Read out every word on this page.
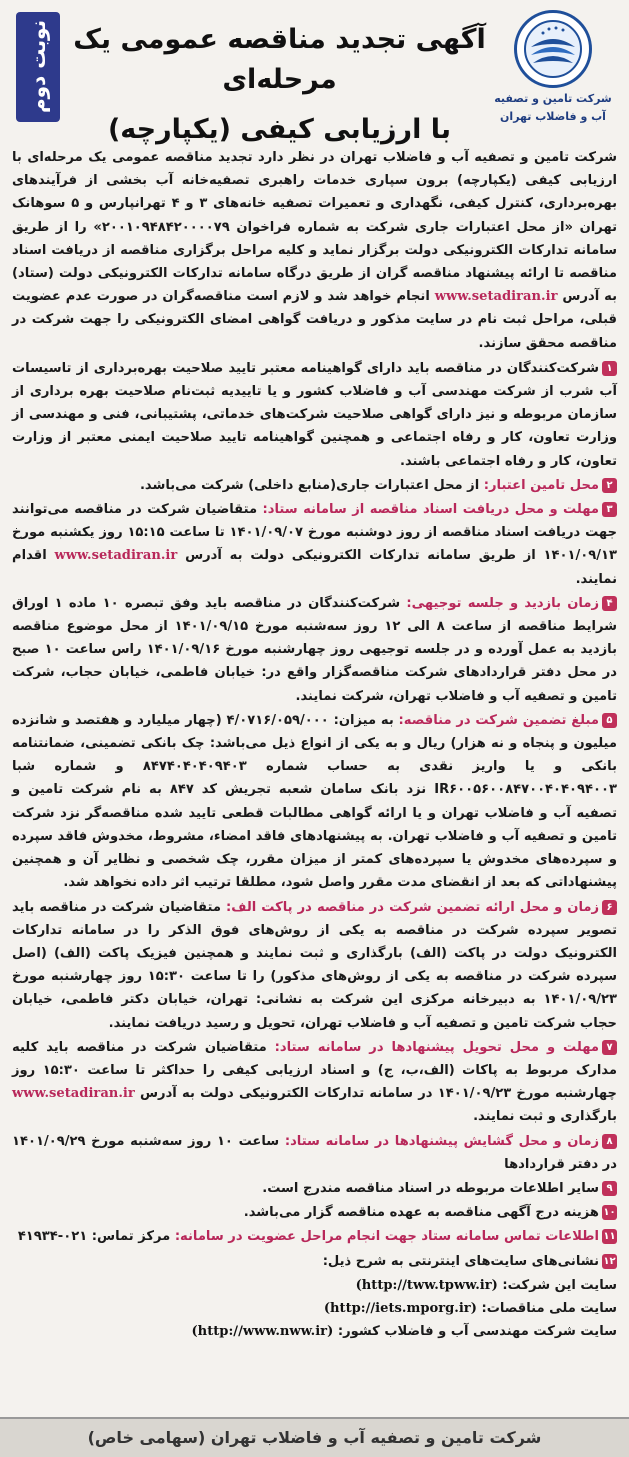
نوبت دوم آگهی تجدید مناقصه عمومی یک مرحله‌ای
با ارزیابی کیفی (یکپارچه)
شرکت تامین و تصفیه
آب و فاضلاب تهران

شرکت تامین و تصفیه آب و فاضلاب تهران در نظر دارد تجدید مناقصه عمومی یک مرحله‌ای با ارزیابی کیفی (یکپارچه) برون سپاری خدمات راهبری تصفیه‌خانه آب بخشی از فرآیندهای بهره‌برداری، کنترل کیفی، نگهداری و تعمیرات تصفیه خانه‌های ۳ و ۴ تهرانپارس و ۵ سوهانک تهران «از محل اعتبارات جاری شرکت به شماره فراخوان ۲۰۰۱۰۹۴۸۴۲۰۰۰۰۷۹» را از طریق سامانه تدارکات الکترونیکی دولت برگزار نماید و کلیه مراحل برگزاری مناقصه از دریافت اسناد مناقصه تا ارائه پیشنهاد مناقصه گران از طریق درگاه سامانه تدارکات الکترونیکی دولت (ستاد) به آدرس www.setadiran.ir انجام خواهد شد و لازم است مناقصه‌گران در صورت عدم عضویت قبلی، مراحل ثبت نام در سایت مذکور و دریافت گواهی امضای الکترونیکی را جهت شرکت در مناقصه محقق سازند.

۱شرکت‌کنندگان در مناقصه باید دارای گواهینامه معتبر تایید صلاحیت بهره‌برداری از تاسیسات آب شرب از شرکت مهندسی آب و فاضلاب کشور و یا تاییدیه ثبت‌نام صلاحیت بهره برداری از سازمان مربوطه و نیز دارای گواهی صلاحیت شرکت‌های خدماتی، پشتیبانی، فنی و مهندسی از وزارت تعاون، کار و رفاه اجتماعی و همچنین گواهینامه تایید صلاحیت ایمنی معتبر از وزارت تعاون، کار و رفاه اجتماعی باشند.
۲محل تامین اعتبار: از محل اعتبارات جاری(منابع داخلی) شرکت می‌باشد.
۳مهلت و محل دریافت اسناد مناقصه از سامانه ستاد: متقاضیان شرکت در مناقصه می‌توانند جهت دریافت اسناد مناقصه از روز دوشنبه مورخ ۱۴۰۱/۰۹/۰۷ تا ساعت ۱۵:۱۵ روز یکشنبه مورخ ۱۴۰۱/۰۹/۱۳ از طریق سامانه تدارکات الکترونیکی دولت به آدرس www.setadiran.ir اقدام نمایند.
۴زمان بازدید و جلسه توجیهی: شرکت‌کنندگان در مناقصه باید وفق تبصره ۱۰ ماده ۱ اوراق شرایط مناقصه از ساعت ۸ الی ۱۲ روز سه‌شنبه مورخ ۱۴۰۱/۰۹/۱۵ از محل موضوع مناقصه بازدید به عمل آورده و در جلسه توجیهی روز چهارشنبه مورخ ۱۴۰۱/۰۹/۱۶ راس ساعت ۱۰ صبح در محل دفتر قراردادهای شرکت مناقصه‌گزار واقع در: خیابان فاطمی، خیابان حجاب، شرکت تامین و تصفیه آب و فاضلاب تهران، شرکت نمایند.
۵مبلغ تضمین شرکت در مناقصه: به میزان: ۴/۰۷۱۶/۰۵۹/۰۰۰ (چهار میلیارد و هفتصد و شانزده میلیون و پنجاه و نه هزار) ریال و به یکی از انواع ذیل می‌باشد: چک بانکی تضمینی، ضمانتنامه بانکی و یا واریز نقدی به حساب شماره ۸۴۷۴۰۴۰۴۰۹۴۰۳ و شماره شبا IR۶۰۰۵۶۰۰۸۴۷۰۰۴۰۴۰۹۴۰۰۳ نزد بانک سامان شعبه تجریش کد ۸۴۷ به نام شرکت تامین و تصفیه آب و فاضلاب تهران و یا ارائه گواهی مطالبات قطعی تایید شده مناقصه‌گر نزد شرکت تامین و تصفیه آب و فاضلاب تهران. به پیشنهادهای فاقد امضاء، مشروط، مخدوش فاقد سپرده و سپرده‌های مخدوش یا سپرده‌های کمتر از میزان مقرر، چک شخصی و نظایر آن و همچنین پیشنهاداتی که بعد از انقضای مدت مقرر واصل شود، مطلقا ترتیب اثر داده نخواهد شد.
۶زمان و محل ارائه تضمین شرکت در مناقصه در پاکت الف: متقاضیان شرکت در مناقصه باید تصویر سپرده شرکت در مناقصه به یکی از روش‌های فوق الذکر را در سامانه تدارکات الکترونیک دولت در پاکت (الف) بارگذاری و ثبت نمایند و همچنین فیزیک پاکت (الف) (اصل سپرده شرکت در مناقصه به یکی از روش‌های مذکور) را تا ساعت ۱۵:۳۰ روز چهارشنبه مورخ ۱۴۰۱/۰۹/۲۳ به دبیرخانه مرکزی این شرکت به نشانی: تهران، خیابان دکتر فاطمی، خیابان حجاب شرکت تامین و تصفیه آب و فاضلاب تهران، تحویل و رسید دریافت نمایند.
۷مهلت و محل تحویل پیشنهادها در سامانه ستاد: متقاضیان شرکت در مناقصه باید کلیه مدارک مربوط به پاکات (الف،ب، ج) و اسناد ارزیابی کیفی را حداکثر تا ساعت ۱۵:۳۰ روز چهارشنبه مورخ ۱۴۰۱/۰۹/۲۳ در سامانه تدارکات الکترونیکی دولت به آدرس www.setadiran.ir بارگذاری و ثبت نمایند.
۸زمان و محل گشایش پیشنهادها در سامانه ستاد: ساعت ۱۰ روز سه‌شنبه مورخ ۱۴۰۱/۰۹/۲۹ در دفتر قراردادها
۹سایر اطلاعات مربوطه در اسناد مناقصه مندرج است.
۱۰هزینه درج آگهی مناقصه به عهده مناقصه گزار می‌باشد.
۱۱اطلاعات تماس سامانه ستاد جهت انجام مراحل عضویت در سامانه: مرکز تماس: ۰۲۱-۴۱۹۳۴
۱۲نشانی‌های سایت‌های اینترنتی به شرح ذیل:
سایت این شرکت: (http://tww.tpww.ir)
سایت ملی مناقصات: (http://iets.mporg.ir)
سایت شرکت مهندسی آب و فاضلاب کشور: (http://www.nww.ir)
شرکت تامین و تصفیه آب و فاضلاب تهران (سهامی خاص)
